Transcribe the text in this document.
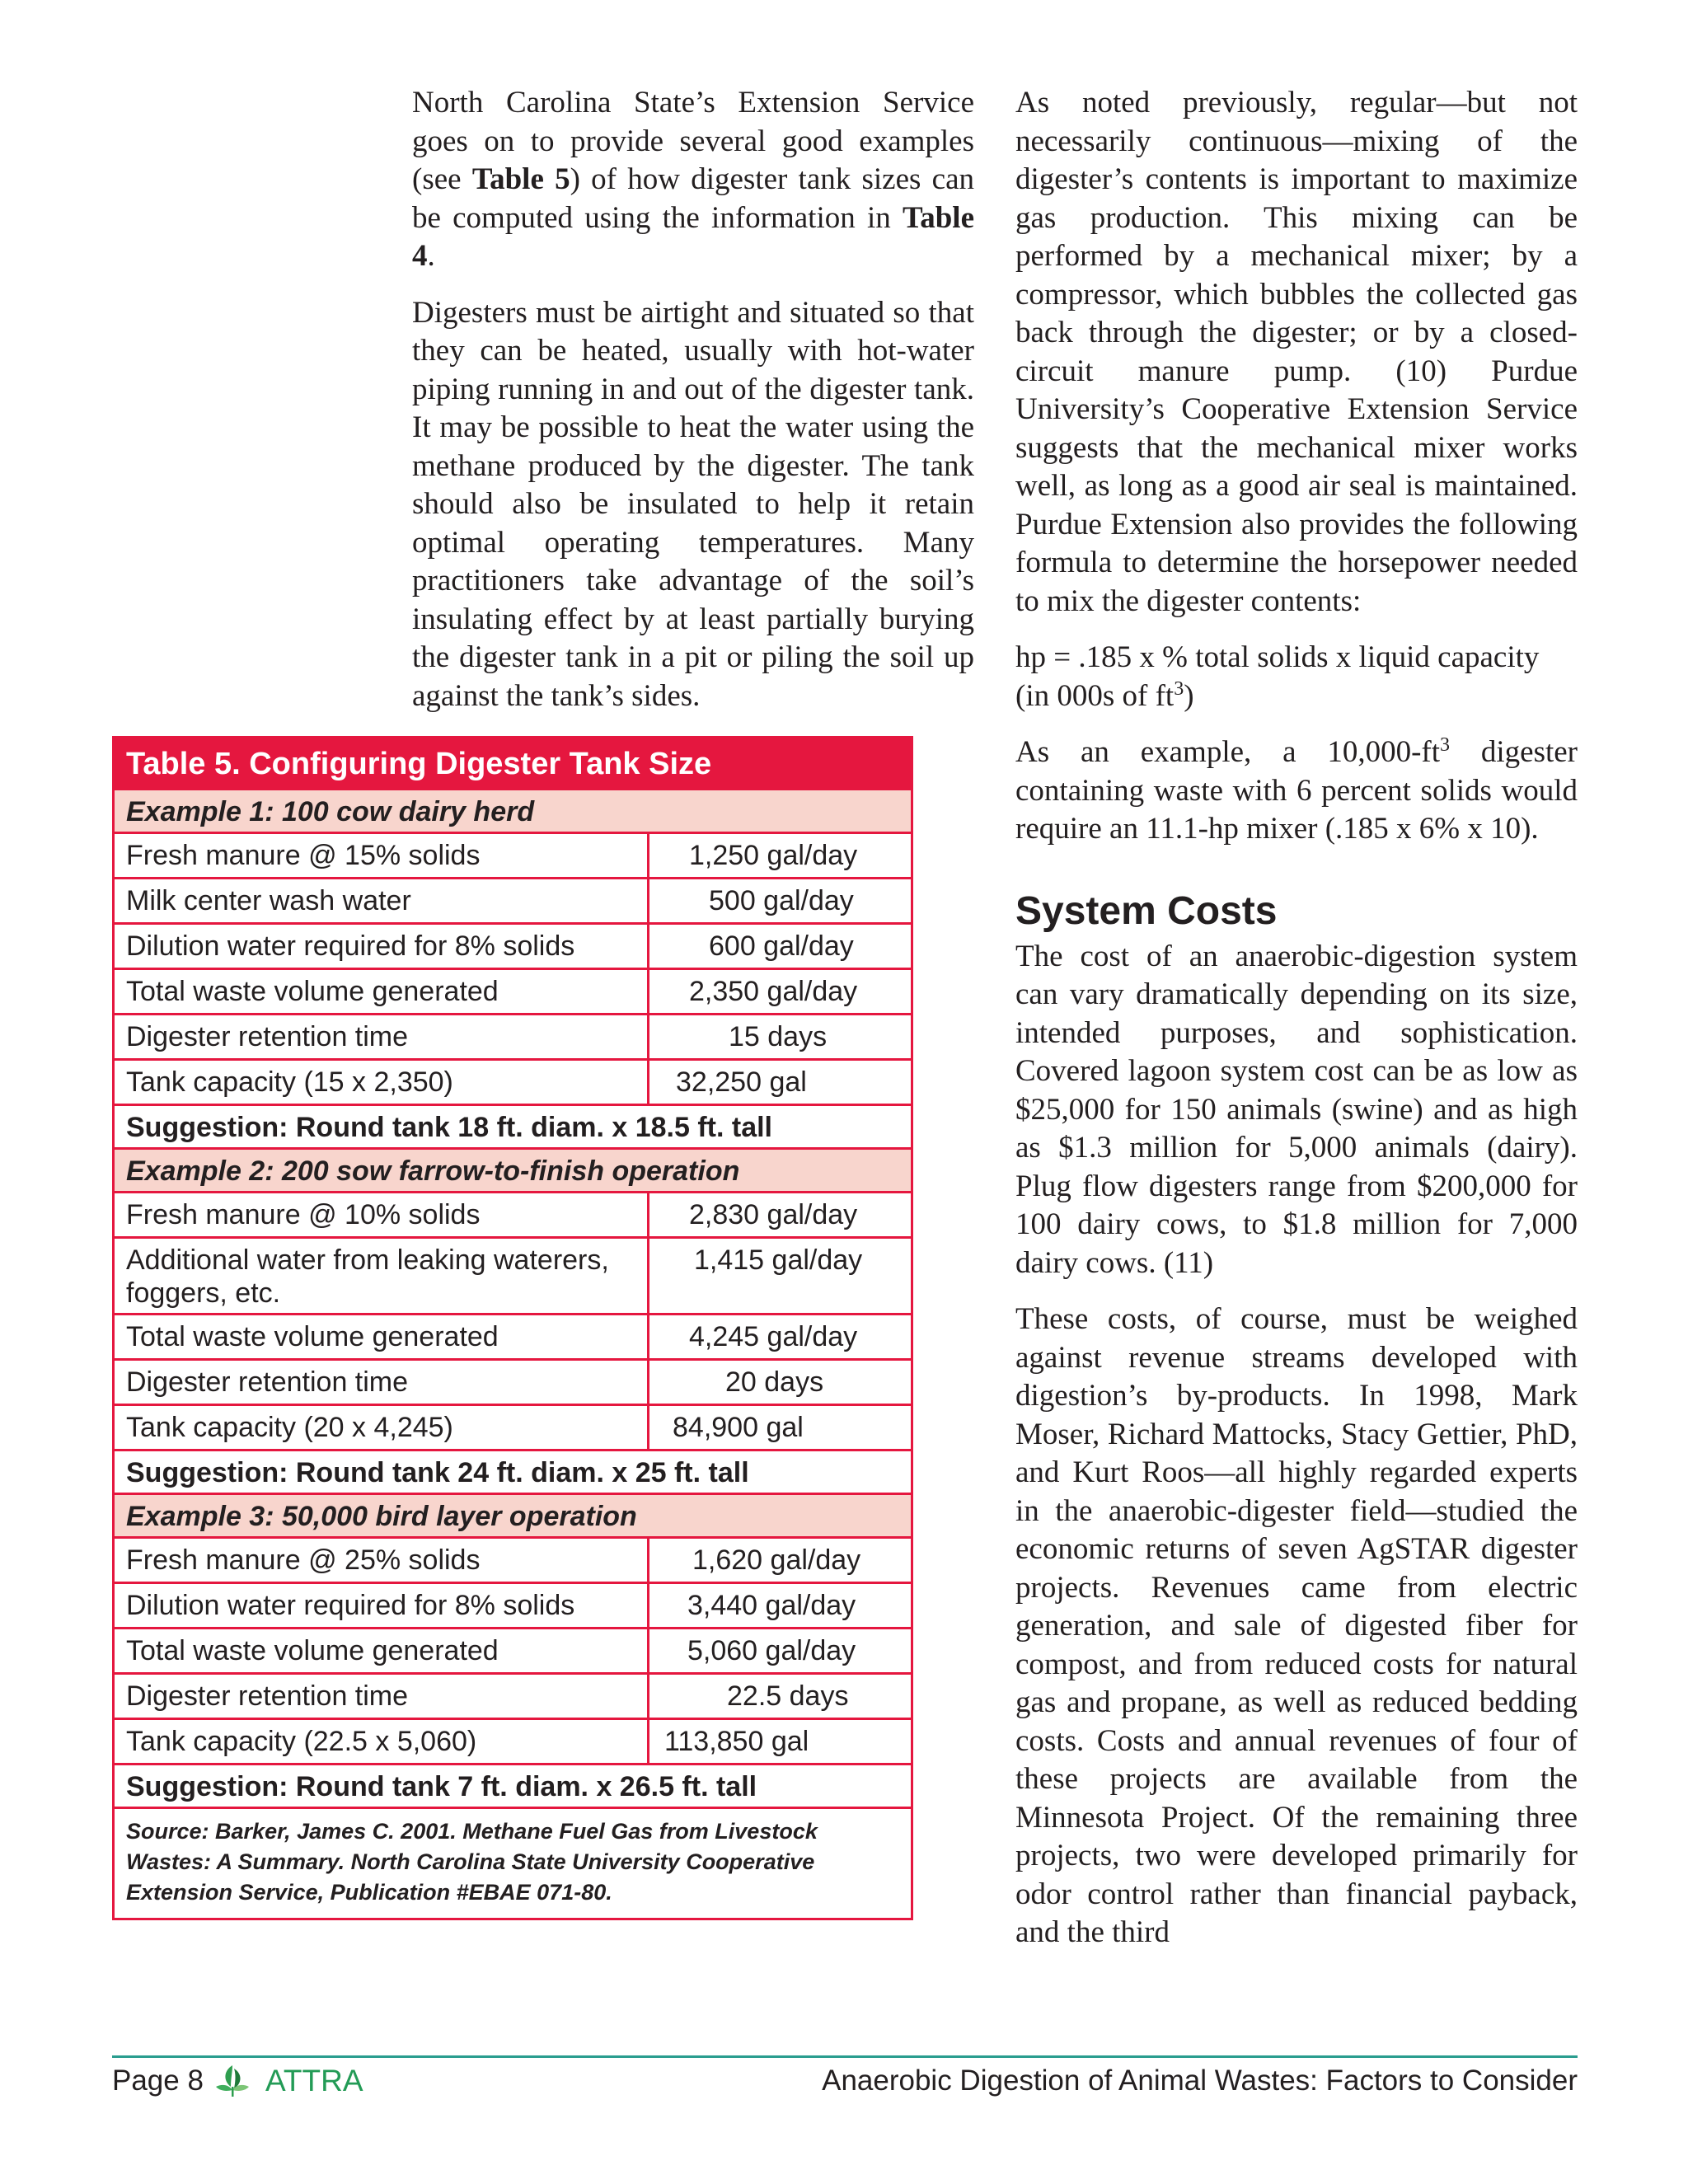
North Carolina State’s Extension Service goes on to provide several good examples (see Table 5) of how digester tank sizes can be computed using the information in Table 4.

Digesters must be airtight and situated so that they can be heated, usually with hot-water piping running in and out of the digester tank. It may be possible to heat the water using the methane produced by the digester. The tank should also be insulated to help it retain optimal operating temperatures. Many practitioners take advantage of the soil’s insulating effect by at least partially burying the digester tank in a pit or piling the soil up against the tank’s sides.

As noted previously, regular—but not necessarily continuous—mixing of the digester’s contents is important to maximize gas production. This mixing can be performed by a mechanical mixer; by a compressor, which bubbles the collected gas back through the digester; or by a closed-circuit manure pump. (10) Purdue University’s Cooperative Extension Service suggests that the mechanical mixer works well, as long as a good air seal is maintained. Purdue Extension also provides the following formula to determine the horsepower needed to mix the digester contents:

hp = .185 x % total solids x liquid capacity (in 000s of $ft^3$)

As an example, a $10,000-ft^3$ digester containing waste with 6 percent solids would require an 11.1-hp mixer (.185 x 6% x 10).

System Costs

The cost of an anaerobic-digestion system can vary dramatically depending on its size, intended purposes, and sophistication. Covered lagoon system cost can be as low as $25,000 for 150 animals (swine) and as high as $1.3 million for 5,000 animals (dairy). Plug flow digesters range from $200,000 for 100 dairy cows, to $1.8 million for 7,000 dairy cows. (11)

These costs, of course, must be weighed against revenue streams developed with digestion’s by-products. In 1998, Mark Moser, Richard Mattocks, Stacy Gettier, PhD, and Kurt Roos—all highly regarded experts in the anaerobic-digester field—studied the economic returns of seven AgSTAR digester projects. Revenues came from electric generation, and sale of digested fiber for compost, and from reduced costs for natural gas and propane, as well as reduced bedding costs. Costs and annual revenues of four of these projects are available from the Minnesota Project. Of the remaining three projects, two were developed primarily for odor control rather than financial payback, and the third

Table 5. Configuring Digester Tank Size
Example 1: 100 cow dairy herd
Fresh manure @ 15% solids	1,250 gal/day
Milk center wash water	500 gal/day
Dilution water required for 8% solids	600 gal/day
Total waste volume generated	2,350 gal/day
Digester retention time	15 days
Tank capacity (15 x 2,350)	32,250 gal
Suggestion: Round tank 18 ft. diam. x 18.5 ft. tall
Example 2: 200 sow farrow-to-finish operation
Fresh manure @ 10% solids	2,830 gal/day
Additional water from leaking waterers, foggers, etc.
1,415 gal/day
Total waste volume generated	4,245 gal/day
Digester retention time	20 days
Tank capacity (20 x 4,245)	84,900 gal
Suggestion: Round tank 24 ft. diam. x 25 ft. tall
Example 3: 50,000 bird layer operation
Fresh manure @ 25% solids	1,620 gal/day
Dilution water required for 8% solids	3,440 gal/day
Total waste volume generated	5,060 gal/day
Digester retention time	22.5 days
Tank capacity (22.5 x 5,060)	113,850 gal
Suggestion: Round tank 7 ft. diam. x 26.5 ft. tall
Source: Barker, James C. 2001. Methane Fuel Gas from Livestock Wastes: A Summary. North Carolina State University Cooperative Extension Service, Publication #EBAE 071-80.
Page 8 ATTRA	Anaerobic Digestion of Animal Wastes: Factors to Consider
